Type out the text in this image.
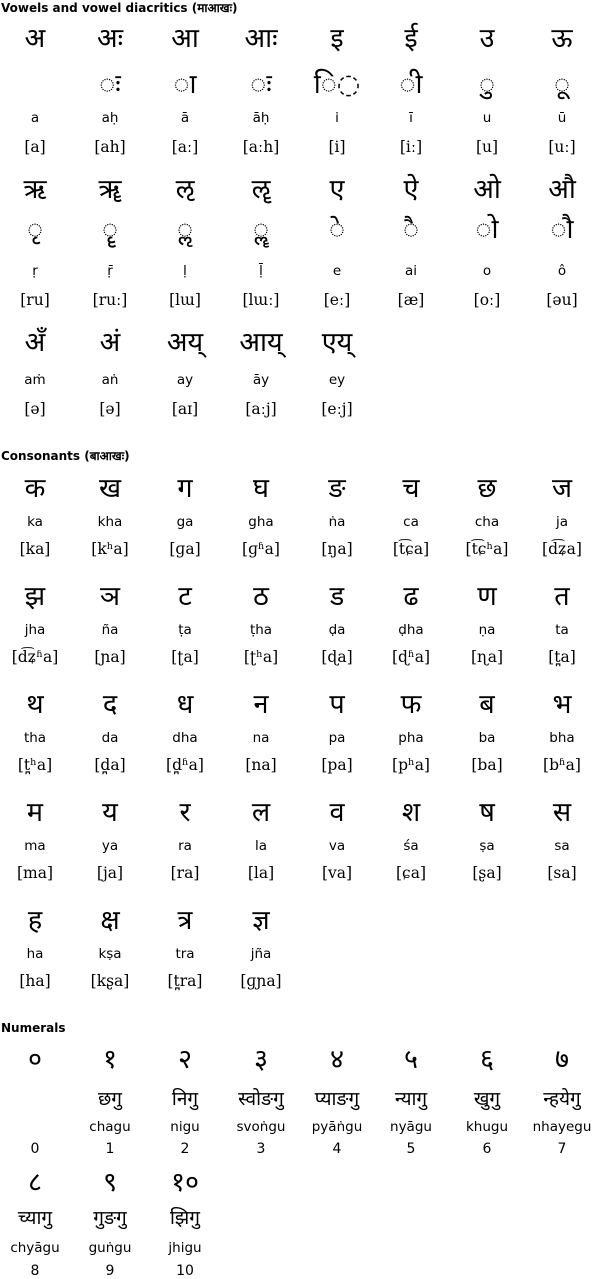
Vowels and vowel diacritics (माआखः)
अ
a
[a]
अः
◌ः
aḥ
[ah]
आ
◌ा
ā
[aː]
आः
◌ः
āḥ
[aːh]
इ
ि◌
i
[i]
ई
◌ी
ī
[iː]
उ
◌ु
u
[u]
ऊ
◌ू
ū
[uː]
ऋ
◌ृ
ṛ
[ru]
ॠ
◌ॄ
ṝ
[ruː]
ऌ
◌ॢ
ḷ
[lɯ]
ॡ
◌ॣ
ḹ
[lɯː]
ए
◌े
e
[eː]
ऐ
◌ै
ai
[æ]
ओ
◌ो
o
[oː]
औ
◌ौ
ô
[əu]
अँ
aṁ
[ə]
अं
aṅ
[ə]
अय्
ay
[aɪ]
आय्
āy
[aːj]
एय्
ey
[eːj]
Consonants (बाआखः)
क
ka
[ka]
ख
kha
[kʰa]
ग
ga
[ɡa]
घ
gha
[ɡʱa]
ङ
ṅa
[ŋa]
च
ca
[t͡ɕa]
छ
cha
[t͡ɕʰa]
ज
ja
[d͡ʑa]
झ
jha
[d͡ʑʱa]
ञ
ña
[ɲa]
ट
ṭa
[ʈa]
ठ
ṭha
[ʈʰa]
ड
ḍa
[ɖa]
ढ
ḍha
[ɖʱa]
ण
ṇa
[ɳa]
त
ta
[t̪a]
थ
tha
[t̪ʰa]
द
da
[d̪a]
ध
dha
[d̪ʱa]
न
na
[na]
प
pa
[pa]
फ
pha
[pʰa]
ब
ba
[ba]
भ
bha
[bʱa]
म
ma
[ma]
य
ya
[ja]
र
ra
[ra]
ल
la
[la]
व
va
[va]
श
śa
[ɕa]
ष
ṣa
[ʂa]
स
sa
[sa]
ह
ha
[ha]
क्ष
kṣa
[kʂa]
त्र
tra
[t̪ra]
ज्ञ
jña
[ɡɲa]
Numerals
०
0
१
छगु
chagu
1
२
निगु
nigu
2
३
स्वोङगु
svoṅgu
3
४
प्याङगु
pyāṅgu
4
५
न्यागु
nyāgu
5
६
खुगु
khugu
6
७
न्हयेगु
nhayegu
7
८
च्यागु
chyāgu
8
९
गुङगु
guṅgu
9
१०
झिगु
jhigu
10
